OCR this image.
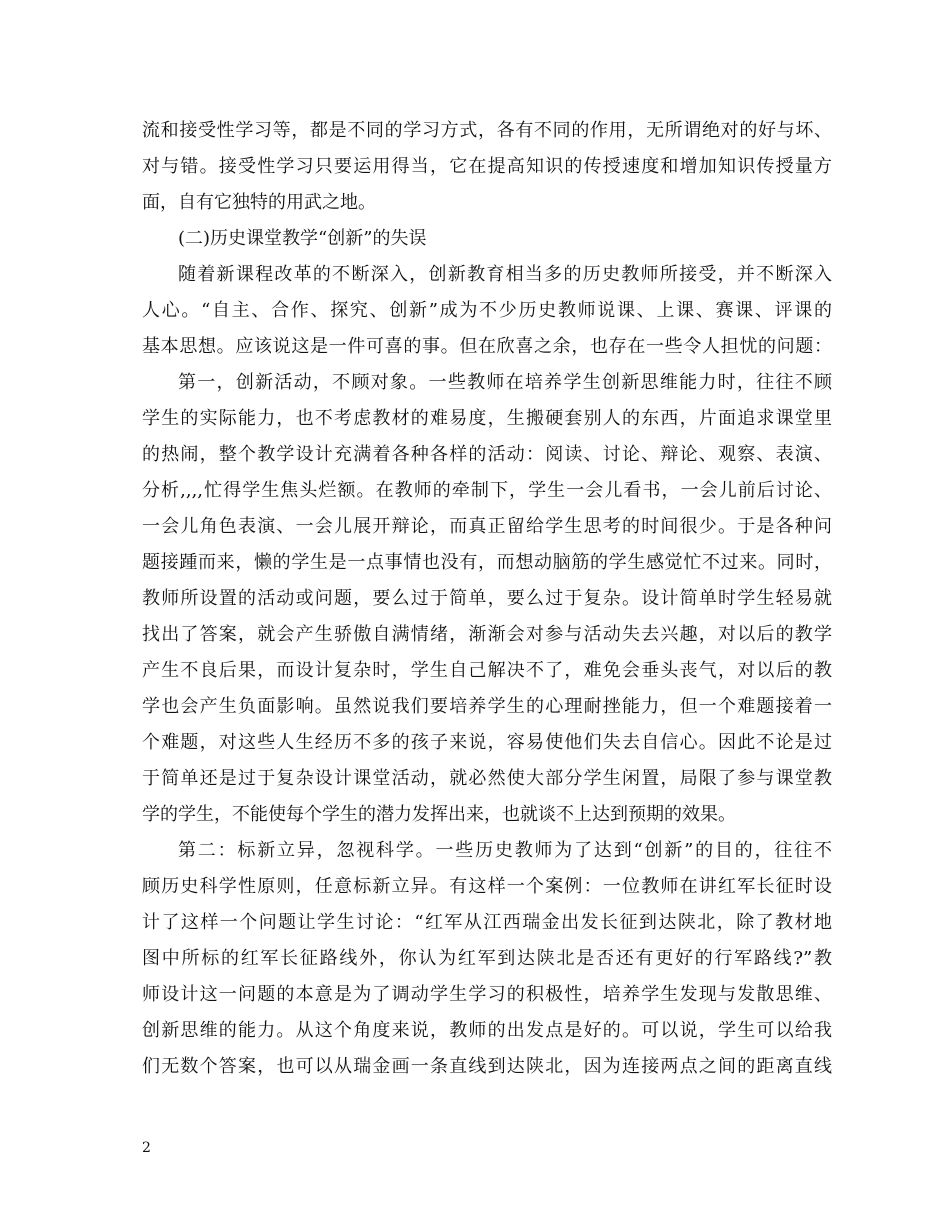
流和接受性学习等，都是不同的学习方式，各有不同的作用，无所谓绝对的好与坏、
对与错。接受性学习只要运用得当，它在提高知识的传授速度和增加知识传授量方
面，自有它独特的用武之地。
(二)历史课堂教学“创新”的失误
随着新课程改革的不断深入，创新教育相当多的历史教师所接受，并不断深入
人心。“自主、合作、探究、创新”成为不少历史教师说课、上课、赛课、评课的
基本思想。应该说这是一件可喜的事。但在欣喜之余，也存在一些令人担忧的问题：
第一，创新活动，不顾对象。一些教师在培养学生创新思维能力时，往往不顾
学生的实际能力，也不考虑教材的难易度，生搬硬套别人的东西，片面追求课堂里
的热闹，整个教学设计充满着各种各样的活动：阅读、讨论、辩论、观察、表演、
分析,,,,忙得学生焦头烂额。在教师的牵制下，学生一会儿看书，一会儿前后讨论、
一会儿角色表演、一会儿展开辩论，而真正留给学生思考的时间很少。于是各种问
题接踵而来，懒的学生是一点事情也没有，而想动脑筋的学生感觉忙不过来。同时，
教师所设置的活动或问题，要么过于简单，要么过于复杂。设计简单时学生轻易就
找出了答案，就会产生骄傲自满情绪，渐渐会对参与活动失去兴趣，对以后的教学
产生不良后果，而设计复杂时，学生自己解决不了，难免会垂头丧气，对以后的教
学也会产生负面影响。虽然说我们要培养学生的心理耐挫能力，但一个难题接着一
个难题，对这些人生经历不多的孩子来说，容易使他们失去自信心。因此不论是过
于简单还是过于复杂设计课堂活动，就必然使大部分学生闲置，局限了参与课堂教
学的学生，不能使每个学生的潜力发挥出来，也就谈不上达到预期的效果。
第二：标新立异，忽视科学。一些历史教师为了达到“创新”的目的，往往不
顾历史科学性原则，任意标新立异。有这样一个案例：一位教师在讲红军长征时设
计了这样一个问题让学生讨论：“红军从江西瑞金出发长征到达陕北，除了教材地
图中所标的红军长征路线外，你认为红军到达陕北是否还有更好的行军路线?”教
师设计这一问题的本意是为了调动学生学习的积极性，培养学生发现与发散思维、
创新思维的能力。从这个角度来说，教师的出发点是好的。可以说，学生可以给我
们无数个答案，也可以从瑞金画一条直线到达陕北，因为连接两点之间的距离直线
2
